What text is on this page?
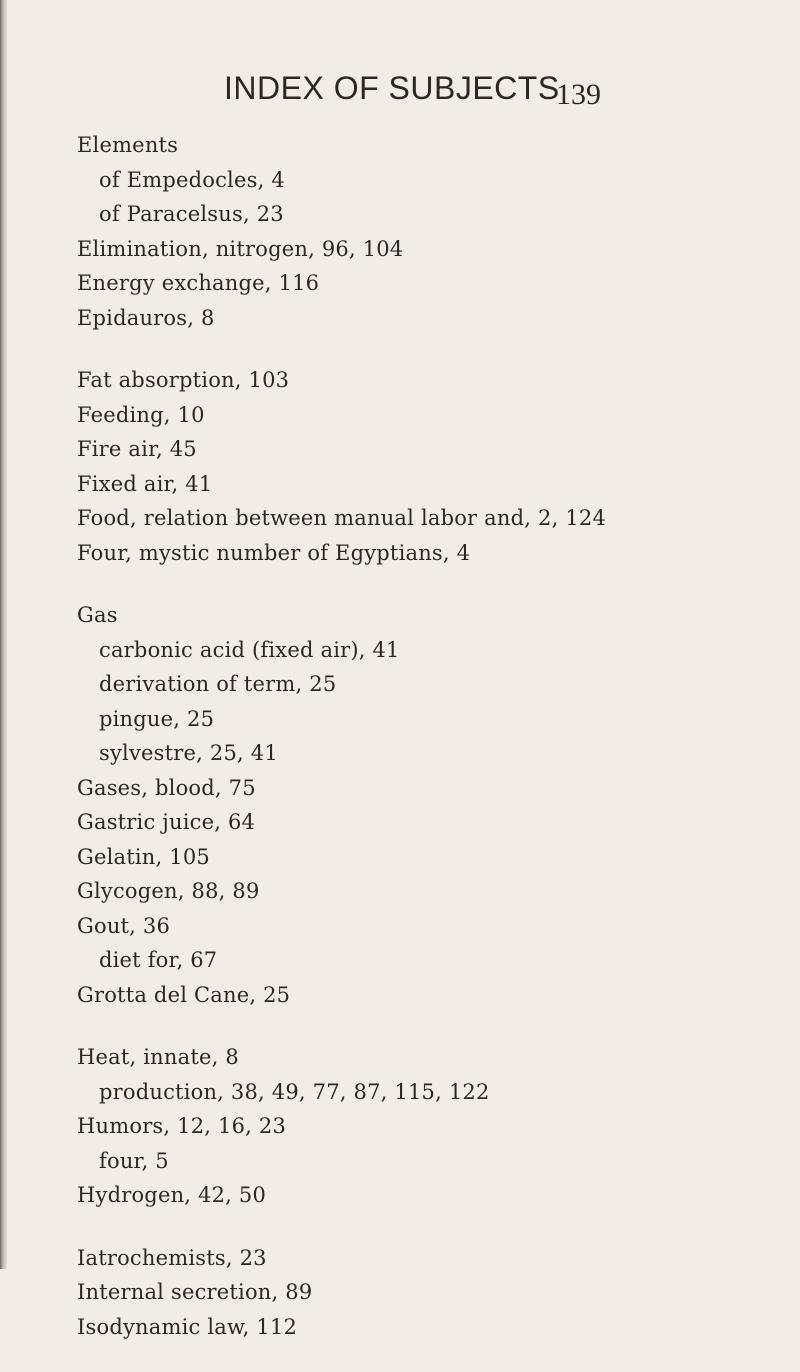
INDEX OF SUBJECTS
139
Elements
of Empedocles, 4
of Paracelsus, 23
Elimination, nitrogen, 96, 104
Energy exchange, 116
Epidauros, 8
Fat absorption, 103
Feeding, 10
Fire air, 45
Fixed air, 41
Food, relation between manual labor and, 2, 124
Four, mystic number of Egyptians, 4
Gas
carbonic acid (fixed air), 41
derivation of term, 25
pingue, 25
sylvestre, 25, 41
Gases, blood, 75
Gastric juice, 64
Gelatin, 105
Glycogen, 88, 89
Gout, 36
diet for, 67
Grotta del Cane, 25
Heat, innate, 8
production, 38, 49, 77, 87, 115, 122
Humors, 12, 16, 23
four, 5
Hydrogen, 42, 50
Iatrochemists, 23
Internal secretion, 89
Isodynamic law, 112
